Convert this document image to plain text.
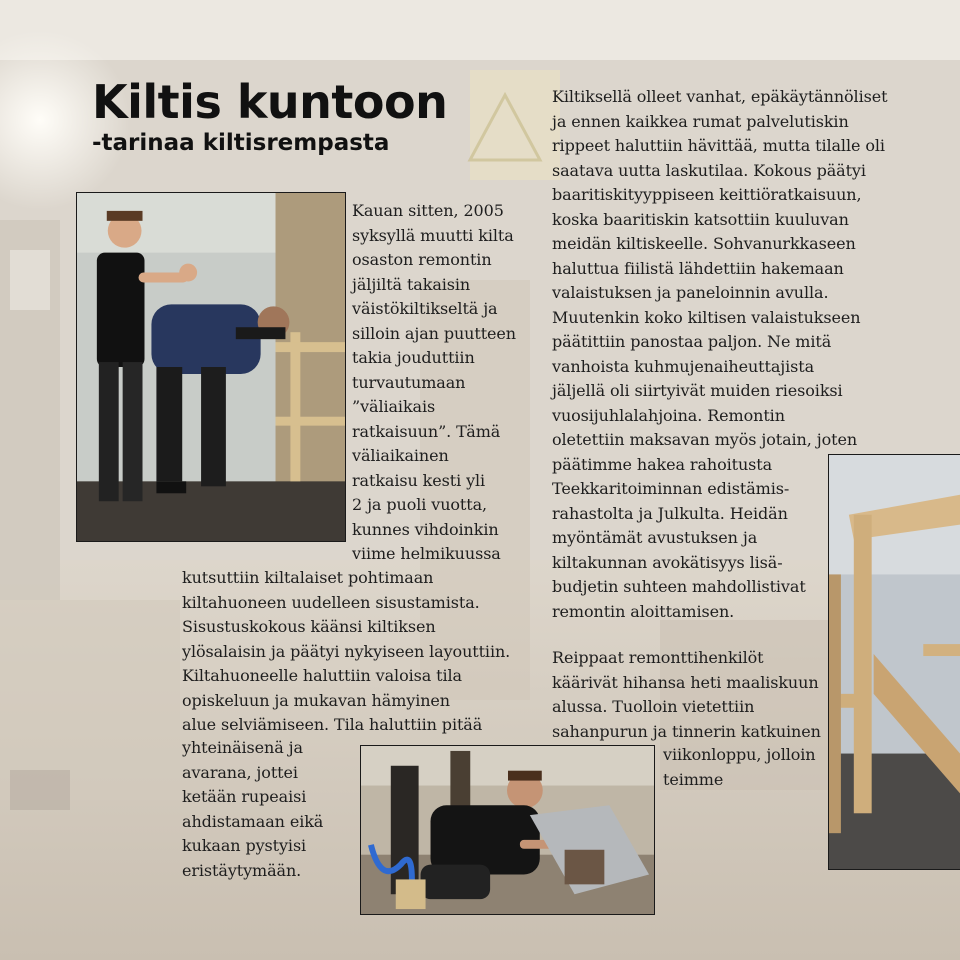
Kiltis kuntoon
-tarinaa kiltisrempasta

Kauan sitten, 2005
syksyllä muutti kilta
osaston remontin
jäljiltä takaisin
väistökiltikseltä ja
silloin ajan puutteen
takia jouduttiin
turvautumaan
”väliaikais
ratkaisuun”. Tämä
väliaikainen
ratkaisu kesti yli
2 ja puoli vuotta,
kunnes vihdoinkin
viime helmikuussa

kutsuttiin kiltalaiset pohtimaan
kiltahuoneen uudelleen sisustamista.
Sisustuskokous käänsi kiltiksen
ylösalaisin ja päätyi nykyiseen layouttiin.
Kiltahuoneelle haluttiin valoisa tila
opiskeluun ja mukavan hämyinen
alue selviämiseen. Tila haluttiin pitää

yhteinäisenä ja
avarana, jottei
ketään rupeaisi
ahdistamaan eikä
kukaan pystyisi
eristäytymään.

Kiltiksellä olleet vanhat, epäkäytännöliset
ja ennen kaikkea rumat palvelutiskin
rippeet haluttiin hävittää, mutta tilalle oli
saatava uutta laskutilaa. Kokous päätyi
baaritiskityyppiseen keittiöratkaisuun,
koska baaritiskin katsottiin kuuluvan
meidän kiltiskeelle. Sohvanurkkaseen
haluttua fiilistä lähdettiin hakemaan
valaistuksen ja paneloinnin avulla.
Muutenkin koko kiltisen valaistukseen
päätittiin panostaa paljon. Ne mitä
vanhoista kuhmujenaiheuttajista
jäljellä oli siirtyivät muiden riesoiksi
vuosijuhlalahjoina. Remontin
oletettiin maksavan myös jotain, joten
päätimme hakea rahoitusta
Teekkaritoiminnan edistämis-
rahastolta ja Julkulta. Heidän
myöntämät avustuksen ja
kiltakunnan avokätisyys lisä-
budjetin suhteen mahdollistivat
remontin aloittamisen.

Reippaat remonttihenkilöt
käärivät hihansa heti maaliskuun
alussa. Tuolloin vietettiin
sahanpurun ja tinnerin katkuinen

viikonloppu, jolloin
teimme
